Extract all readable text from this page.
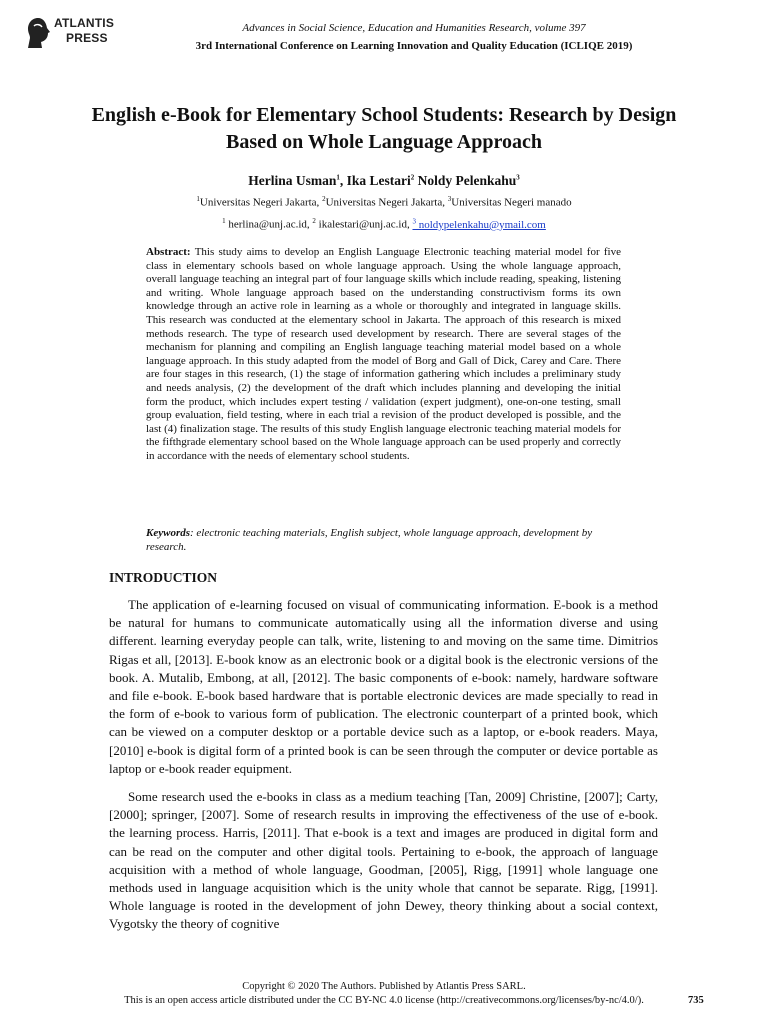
ATLANTIS
PRESS
Advances in Social Science, Education and Humanities Research, volume 397
3rd International Conference on Learning Innovation and Quality Education (ICLIQE 2019)
English e-Book for Elementary School Students: Research by Design Based on Whole Language Approach
Herlina Usman$^1$, Ika Lestari$^2$ Noldy Pelenkahu$^3$
$^1$Universitas Negeri Jakarta, $^2$Universitas Negeri Jakarta, $^3$Universitas Negeri manado
$^1$ herlina@unj.ac.id, $^2$ ikalestari@unj.ac.id, $^3$ noldypelenkahu@ymail.com
Abstract: This study aims to develop an English Language Electronic teaching material model for five class in elementary schools based on whole language approach. Using the whole language approach, overall language teaching an integral part of four language skills which include reading, speaking, listening and writing. Whole language approach based on the understanding constructivism forms its own knowledge through an active role in learning as a whole or thoroughly and integrated in language skills. This research was conducted at the elementary school in Jakarta. The approach of this research is mixed methods research. The type of research used development by research. There are several stages of the mechanism for planning and compiling an English language teaching material model based on a whole language approach. In this study adapted from the model of Borg and Gall of Dick, Carey and Care. There are four stages in this research, (1) the stage of information gathering which includes a preliminary study and needs analysis, (2) the development of the draft which includes planning and developing the initial form the product, which includes expert testing / validation (expert judgment), one-on-one testing, small group evaluation, field testing, where in each trial a revision of the product developed is possible, and the last (4) finalization stage. The results of this study English language electronic teaching material models for the fifthgrade elementary school based on the Whole language approach can be used properly and correctly in accordance with the needs of elementary school students.
Keywords: electronic teaching materials, English subject, whole language approach, development by research.
INTRODUCTION
The application of e-learning focused on visual of communicating information. E-book is a method be natural for humans to communicate automatically using all the information diverse and using different. learning everyday people can talk, write, listening to and moving on the same time. Dimitrios Rigas et all, [2013]. E-book know as an electronic book or a digital book is the electronic versions of the book. A. Mutalib, Embong, at all, [2012]. The basic components of e-book: namely, hardware software and file e-book. E-book based hardware that is portable electronic devices are made specially to read in the form of e-book to various form of publication. The electronic counterpart of a printed book, which can be viewed on a computer desktop or a portable device such as a laptop, or e-book readers. Maya, [2010] e-book is digital form of a printed book is can be seen through the computer or device portable as laptop or e-book reader equipment.
Some research used the e-books in class as a medium teaching [Tan, 2009] Christine, [2007]; Carty, [2000]; springer, [2007]. Some of research results in improving the effectiveness of the use of e-book. the learning process. Harris, [2011]. That e-book is a text and images are produced in digital form and can be read on the computer and other digital tools. Pertaining to e-book, the approach of language acquisition with a method of whole language, Goodman, [2005], Rigg, [1991] whole language one methods used in language acquisition which is the unity whole that cannot be separate. Rigg, [1991]. Whole language is rooted in the development of john Dewey, theory thinking about a social context, Vygotsky the theory of cognitive
Copyright © 2020 The Authors. Published by Atlantis Press SARL.
This is an open access article distributed under the CC BY-NC 4.0 license (http://creativecommons.org/licenses/by-nc/4.0/).	735
